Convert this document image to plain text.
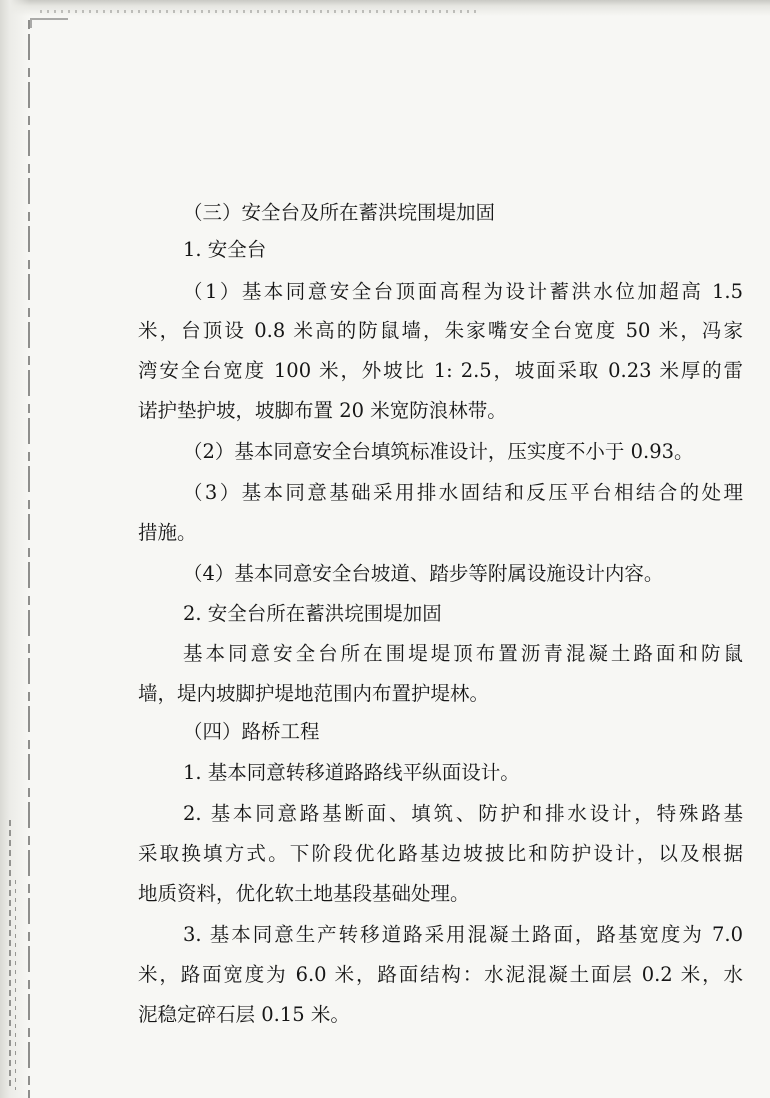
（三）安全台及所在蓄洪垸围堤加固
1. 安全台
（1）基本同意安全台顶面高程为设计蓄洪水位加超高 1.5
米，台顶设 0.8 米高的防鼠墙，朱家嘴安全台宽度 50 米，冯家
湾安全台宽度 100 米，外坡比 1: 2.5，坡面采取 0.23 米厚的雷
诺护垫护坡，坡脚布置 20 米宽防浪林带。
（2）基本同意安全台填筑标准设计，压实度不小于 0.93。
（3）基本同意基础采用排水固结和反压平台相结合的处理
措施。
（4）基本同意安全台坡道、踏步等附属设施设计内容。
2. 安全台所在蓄洪垸围堤加固
基本同意安全台所在围堤堤顶布置沥青混凝土路面和防鼠
墙，堤内坡脚护堤地范围内布置护堤林。
（四）路桥工程
1. 基本同意转移道路路线平纵面设计。
2. 基本同意路基断面、填筑、防护和排水设计，特殊路基
采取换填方式。下阶段优化路基边坡披比和防护设计，以及根据
地质资料，优化软土地基段基础处理。
3. 基本同意生产转移道路采用混凝土路面，路基宽度为 7.0
米，路面宽度为 6.0 米，路面结构：水泥混凝土面层 0.2 米，水
泥稳定碎石层 0.15 米。
